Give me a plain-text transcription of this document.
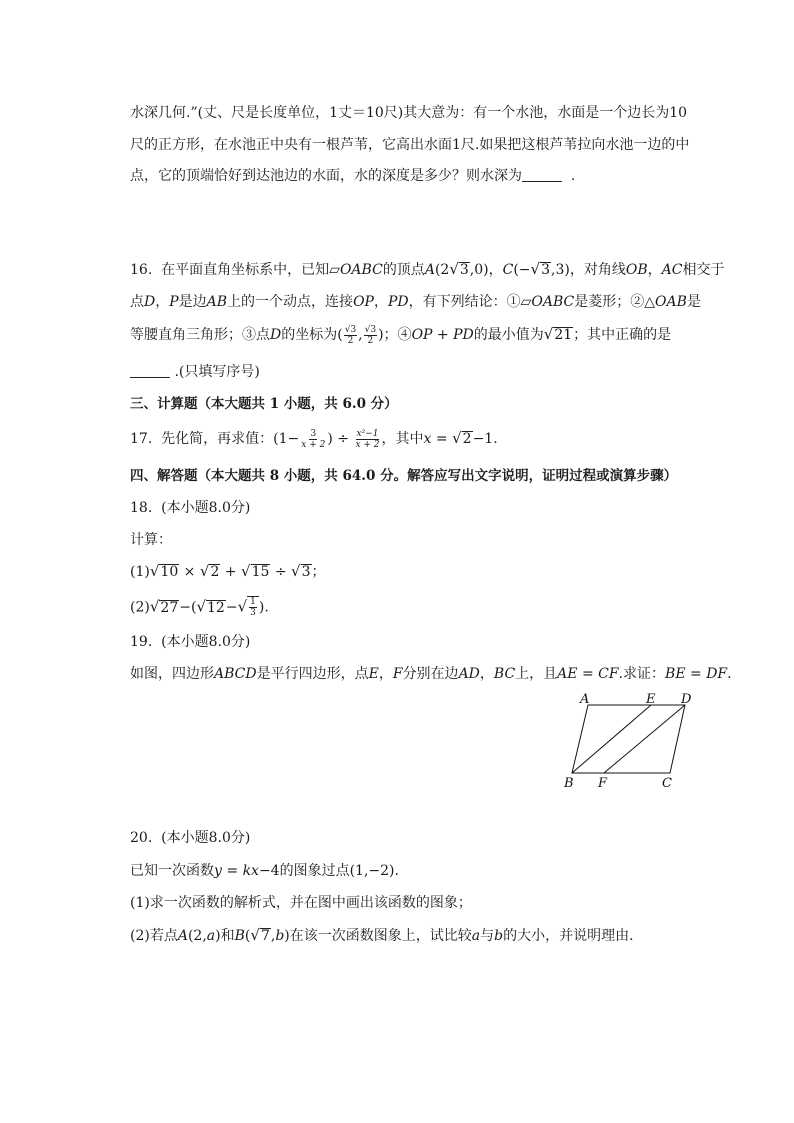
水深几何.”(丈、尺是长度单位，1丈＝10尺)其大意为：有一个水池，水面是一个边长为10
尺的正方形，在水池正中央有一根芦苇，它高出水面1尺.如果把这根芦苇拉向水池一边的中
点，它的顶端恰好到达池边的水面，水的深度是多少？则水深为	.
16. 在平面直角坐标系中，已知▱OABC的顶点A(2√3,0)，C(−√3,3)，对角线OB，AC相交于
点D，P是边AB上的一个动点，连接OP，PD，有下列结论：①▱OABC是菱形；②△OAB是
等腰直角三角形；③点D的坐标为( $\frac{√3}{2}$ , $\frac{√3}{2}$ )；④OP + PD的最小值为√21；其中正确的是
.(只填写序号)
三、计算题（本大题共 1 小题，共 6.0 分）
17. 先化简，再求值：($1- \frac{3}{x + 2}$ ) ÷ $\frac{\text{x²−1}}{x + 2}$ ，其中x = √2−1.
四、解答题（本大题共 8 小题，共 64.0 分。解答应写出文字说明，证明过程或演算步骤）
18. (本小题8.0分)
计算：
(1)√10 × √2 + √15 ÷ √3；
$(2)√27-(√12-√ \frac{1}{3}$ ).
19. (本小题8.0分)
如图，四边形ABCD是平行四边形，点E，F分别在边AD，BC上，且AE = CF.求证：BE = DF.
A	E D
B F	C
20. (本小题8.0分)
已知一次函数y = kx−4的图象过点(1,−2).
(1)求一次函数的解析式，并在图中画出该函数的图象；
(2)若点A(2,a)和B(√7,b)在该一次函数图象上，试比较a与b的大小，并说明理由.
